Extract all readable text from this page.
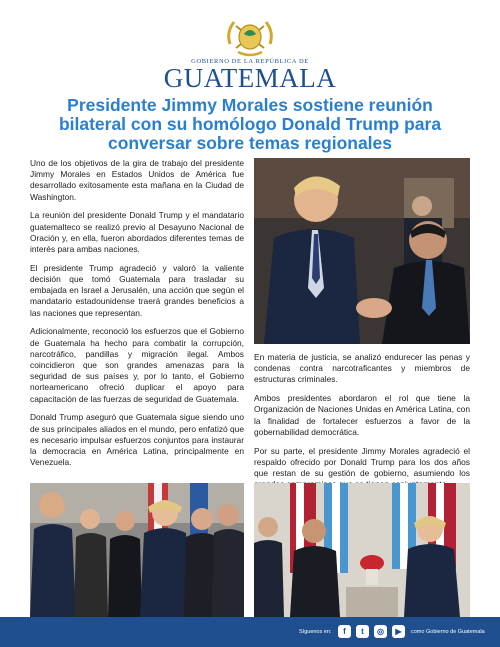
GOBIERNO DE LA REPÚBLICA DE
GUATEMALA
Presidente Jimmy Morales sostiene reunión
bilateral con su homólogo Donald Trump para
conversar sobre temas regionales

Uno de los objetivos de la gira de trabajo del presidente Jimmy Morales en Estados Unidos de América fue desarrollado exitosamente esta mañana en la Ciudad de Washington.

La reunión del presidente Donald Trump y el mandatario guatemalteco se realizó previo al Desayuno Nacional de Oración y, en ella, fueron abordados diferentes temas de interés para ambas naciones.

El presidente Trump agradeció y valoró la valiente decisión que tomó Guatemala para trasladar su embajada en Israel a Jerusalén, una acción que según el mandatario estadounidense traerá grandes beneficios a las naciones que representan.

Adicionalmente, reconoció los esfuerzos que el Gobierno de Guatemala ha hecho para combatir la corrupción, narcotráfico, pandillas y migración ilegal. Ambos coincidieron que son grandes amenazas para la seguridad de sus países y, por lo tanto, el Gobierno norteamericano ofreció duplicar el apoyo para capacitación de las fuerzas de seguridad de Guatemala.

Donald Trump aseguró que Guatemala sigue siendo uno de sus principales aliados en el mundo, pero enfatizó que es necesario impulsar esfuerzos conjuntos para instaurar la democracia en América Latina, principalmente en Venezuela.

En materia de justicia, se analizó endurecer las penas y condenas contra narcotraficantes y miembros de estructuras criminales.

Ambos presidentes abordaron el rol que tiene la Organización de Naciones Unidas en América Latina, con la finalidad de fortalecer esfuerzos a favor de la gobernabilidad democrática.

Por su parte, el presidente Jimmy Morales agradeció el respaldo ofrecido por Donald Trump para los dos años que restan de su gestión de gobierno, asumiendo los

Síguenos en:	f	t	◎	▶	como Gobierno de Guatemala
